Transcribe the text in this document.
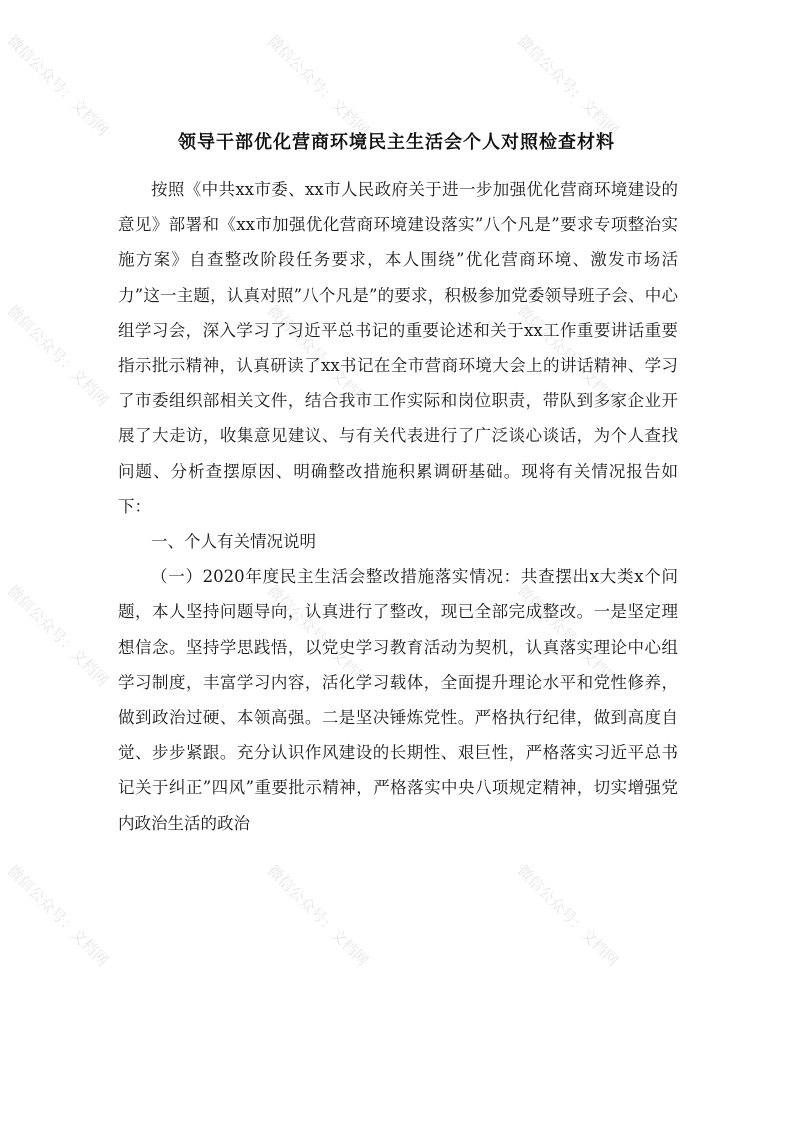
微信公众号：文档网	微信公众号：文档网	微信公众号：文档网
微信公众号：文档网	微信公众号：文档网	微信公众号：文档网
微信公众号：文档网	微信公众号：文档网	微信公众号：文档网
微信公众号：文档网	微信公众号：文档网	微信公众号：文档网
领导干部优化营商环境民主生活会个人对照检查材料

按照《中共xx市委、xx市人民政府关于进一步加强优化营商环境建设的意见》部署和《xx市加强优化营商环境建设落实”八个凡是”要求专项整治实施方案》自查整改阶段任务要求，本人围绕”优化营商环境、激发市场活力”这一主题，认真对照”八个凡是”的要求，积极参加党委领导班子会、中心组学习会，深入学习了习近平总书记的重要论述和关于xx工作重要讲话重要指示批示精神，认真研读了xx书记在全市营商环境大会上的讲话精神、学习了市委组织部相关文件，结合我市工作实际和岗位职责，带队到多家企业开展了大走访，收集意见建议、与有关代表进行了广泛谈心谈话，为个人查找问题、分析查摆原因、明确整改措施积累调研基础。现将有关情况报告如下：

一、个人有关情况说明

（一）2020年度民主生活会整改措施落实情况：共查摆出x大类x个问题，本人坚持问题导向，认真进行了整改，现已全部完成整改。一是坚定理想信念。坚持学思践悟，以党史学习教育活动为契机，认真落实理论中心组学习制度，丰富学习内容，活化学习载体，全面提升理论水平和党性修养，做到政治过硬、本领高强。二是坚决锤炼党性。严格执行纪律，做到高度自觉、步步紧跟。充分认识作风建设的长期性、艰巨性，严格落实习近平总书记关于纠正”四风”重要批示精神，严格落实中央八项规定精神，切实增强党内政治生活的政治
